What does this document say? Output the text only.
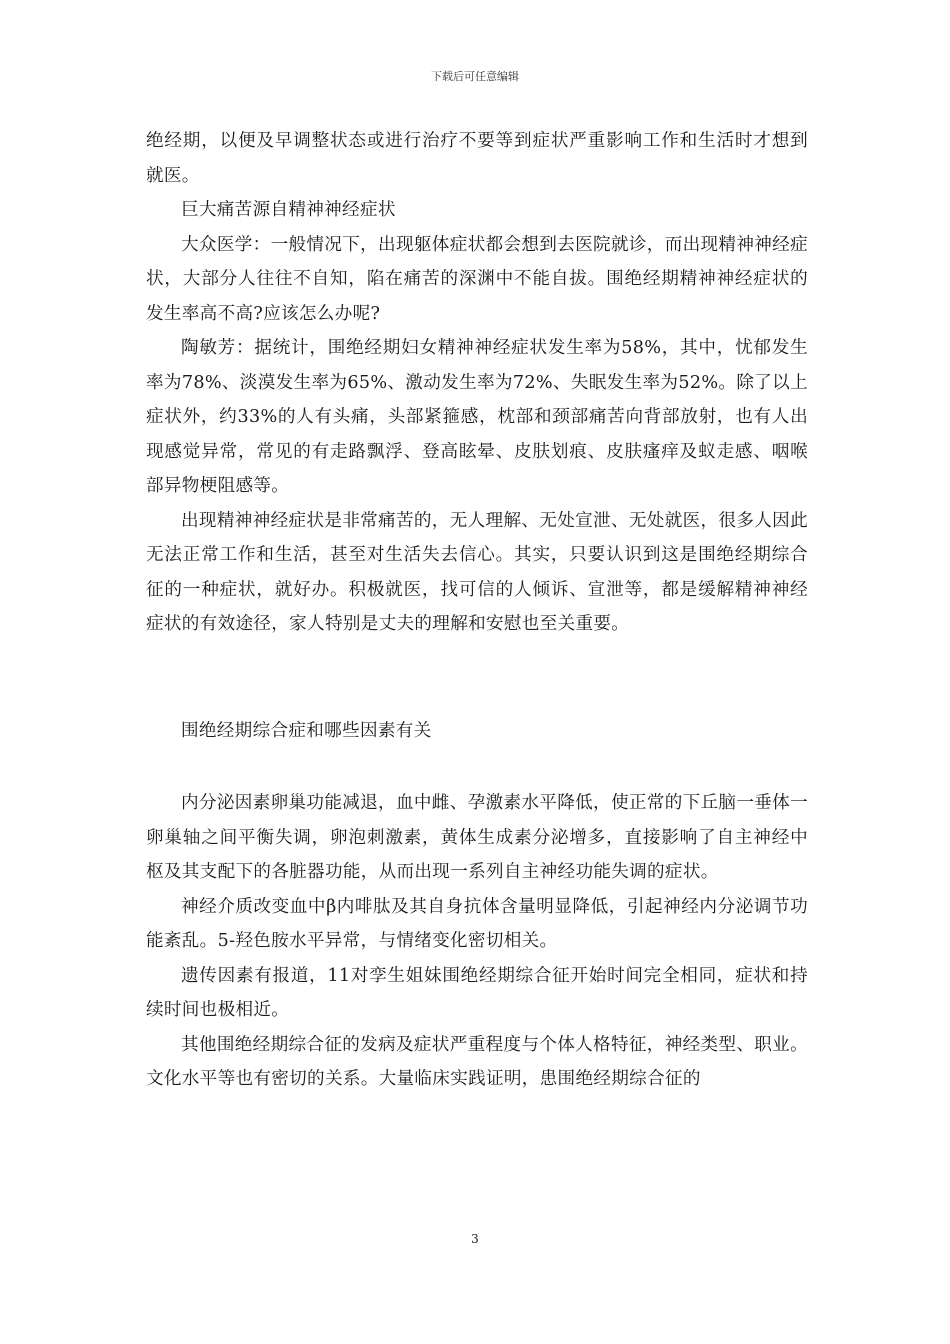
下载后可任意编辑

绝经期，以便及早调整状态或进行治疗不要等到症状严重影响工作和生活时才想到就医。

巨大痛苦源自精神神经症状

大众医学：一般情况下，出现躯体症状都会想到去医院就诊，而出现精神神经症状，大部分人往往不自知，陷在痛苦的深渊中不能自拔。围绝经期精神神经症状的发生率高不高?应该怎么办呢?

陶敏芳：据统计，围绝经期妇女精神神经症状发生率为58%，其中，忧郁发生率为78%、淡漠发生率为65%、激动发生率为72%、失眠发生率为52%。除了以上症状外，约33%的人有头痛，头部紧箍感，枕部和颈部痛苦向背部放射，也有人出现感觉异常，常见的有走路飘浮、登高眩晕、皮肤划痕、皮肤瘙痒及蚁走感、咽喉部异物梗阻感等。

出现精神神经症状是非常痛苦的，无人理解、无处宣泄、无处就医，很多人因此无法正常工作和生活，甚至对生活失去信心。其实，只要认识到这是围绝经期综合征的一种症状，就好办。积极就医，找可信的人倾诉、宣泄等，都是缓解精神神经症状的有效途径，家人特别是丈夫的理解和安慰也至关重要。

围绝经期综合症和哪些因素有关

内分泌因素卵巢功能减退，血中雌、孕激素水平降低，使正常的下丘脑一垂体一卵巢轴之间平衡失调，卵泡刺激素，黄体生成素分泌增多，直接影响了自主神经中枢及其支配下的各脏器功能，从而出现一系列自主神经功能失调的症状。

神经介质改变血中β内啡肽及其自身抗体含量明显降低，引起神经内分泌调节功能紊乱。5-羟色胺水平异常，与情绪变化密切相关。

遗传因素有报道，11对孪生姐妹围绝经期综合征开始时间完全相同，症状和持续时间也极相近。

其他围绝经期综合征的发病及症状严重程度与个体人格特征，神经类型、职业。文化水平等也有密切的关系。大量临床实践证明，患围绝经期综合征的

3
